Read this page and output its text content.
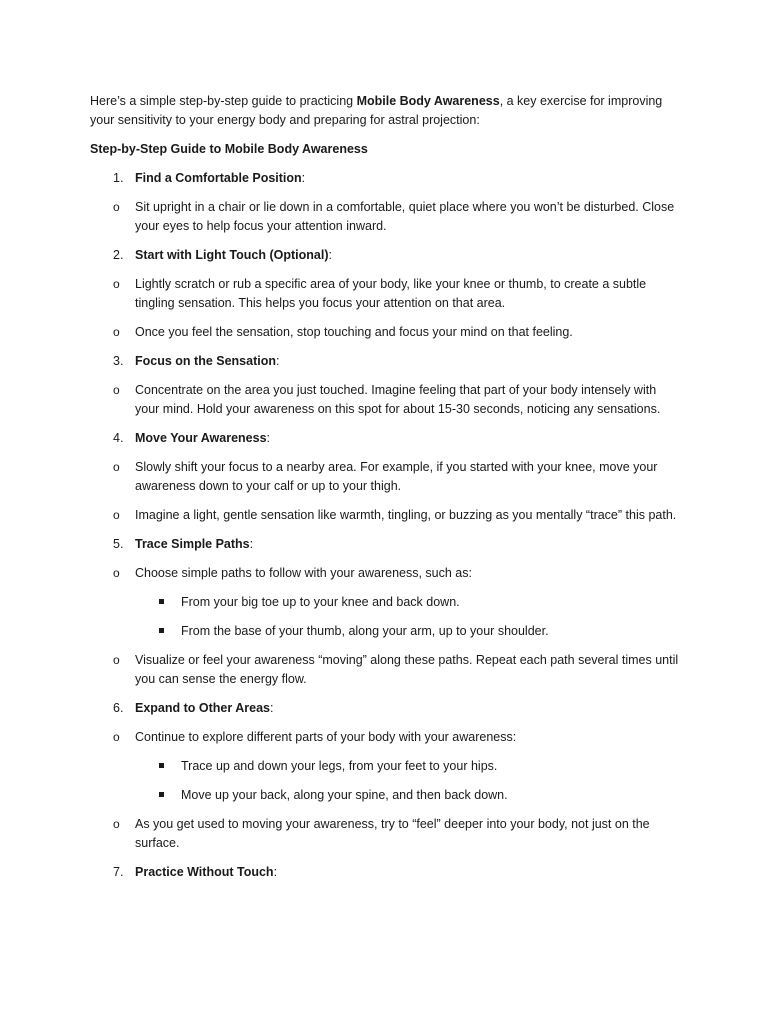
Here’s a simple step-by-step guide to practicing Mobile Body Awareness, a key exercise for improving your sensitivity to your energy body and preparing for astral projection:

Step-by-Step Guide to Mobile Body Awareness

1. Find a Comfortable Position:

o Sit upright in a chair or lie down in a comfortable, quiet place where you won’t be disturbed. Close your eyes to help focus your attention inward.

2. Start with Light Touch (Optional):

o Lightly scratch or rub a specific area of your body, like your knee or thumb, to create a subtle tingling sensation. This helps you focus your attention on that area.
o Once you feel the sensation, stop touching and focus your mind on that feeling.

3. Focus on the Sensation:

o Concentrate on the area you just touched. Imagine feeling that part of your body intensely with your mind. Hold your awareness on this spot for about 15-30 seconds, noticing any sensations.

4. Move Your Awareness:

o Slowly shift your focus to a nearby area. For example, if you started with your knee, move your awareness down to your calf or up to your thigh.
o Imagine a light, gentle sensation like warmth, tingling, or buzzing as you mentally “trace” this path.

5. Trace Simple Paths:

o Choose simple paths to follow with your awareness, such as:
From your big toe up to your knee and back down.
From the base of your thumb, along your arm, up to your shoulder.
o Visualize or feel your awareness “moving” along these paths. Repeat each path several times until you can sense the energy flow.

6. Expand to Other Areas:

o Continue to explore different parts of your body with your awareness:
Trace up and down your legs, from your feet to your hips.
Move up your back, along your spine, and then back down.
o As you get used to moving your awareness, try to “feel” deeper into your body, not just on the surface.

7. Practice Without Touch:
